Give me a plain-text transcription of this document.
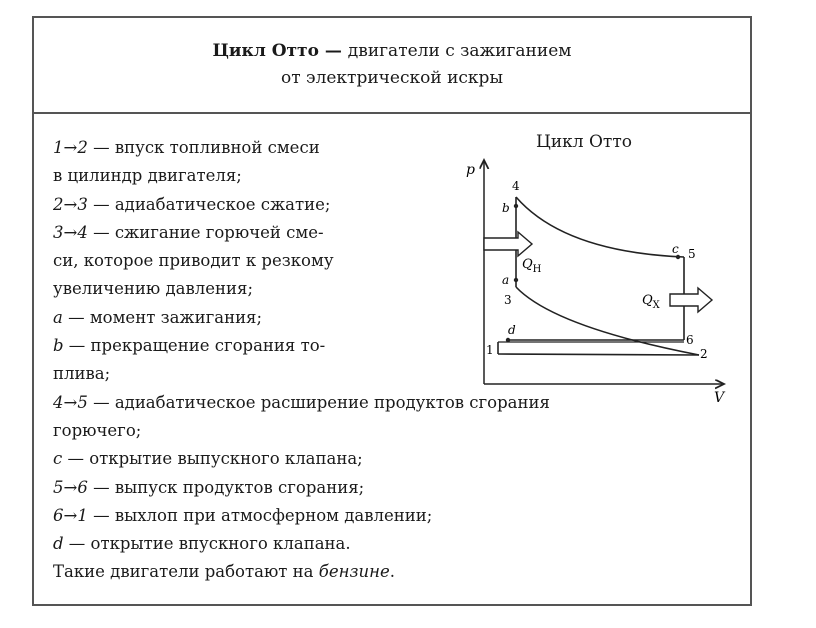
Цикл Отто — двигатели с зажиганием
от электрической искры
1→2 — впуск топливной смеси
в цилиндр двигателя;
2→3 — адиабатическое сжатие;
3→4 — сжигание горючей сме-
си, которое приводит к резкому
увеличению давления;
a — момент зажигания;
b — прекращение сгорания то-
плива;
4→5 — адиабатическое расширение продуктов сгорания
горючего;
c — открытие выпускного клапана;
5→6 — выпуск продуктов сгорания;
6→1 — выхлоп при атмосферном давлении;
d — открытие впускного клапана.
Такие двигатели работают на бензине.
Цикл Отто
p
V
4
b
a
3
c 5
6
2
1
d
$Q_Н$
$Q_Х$
